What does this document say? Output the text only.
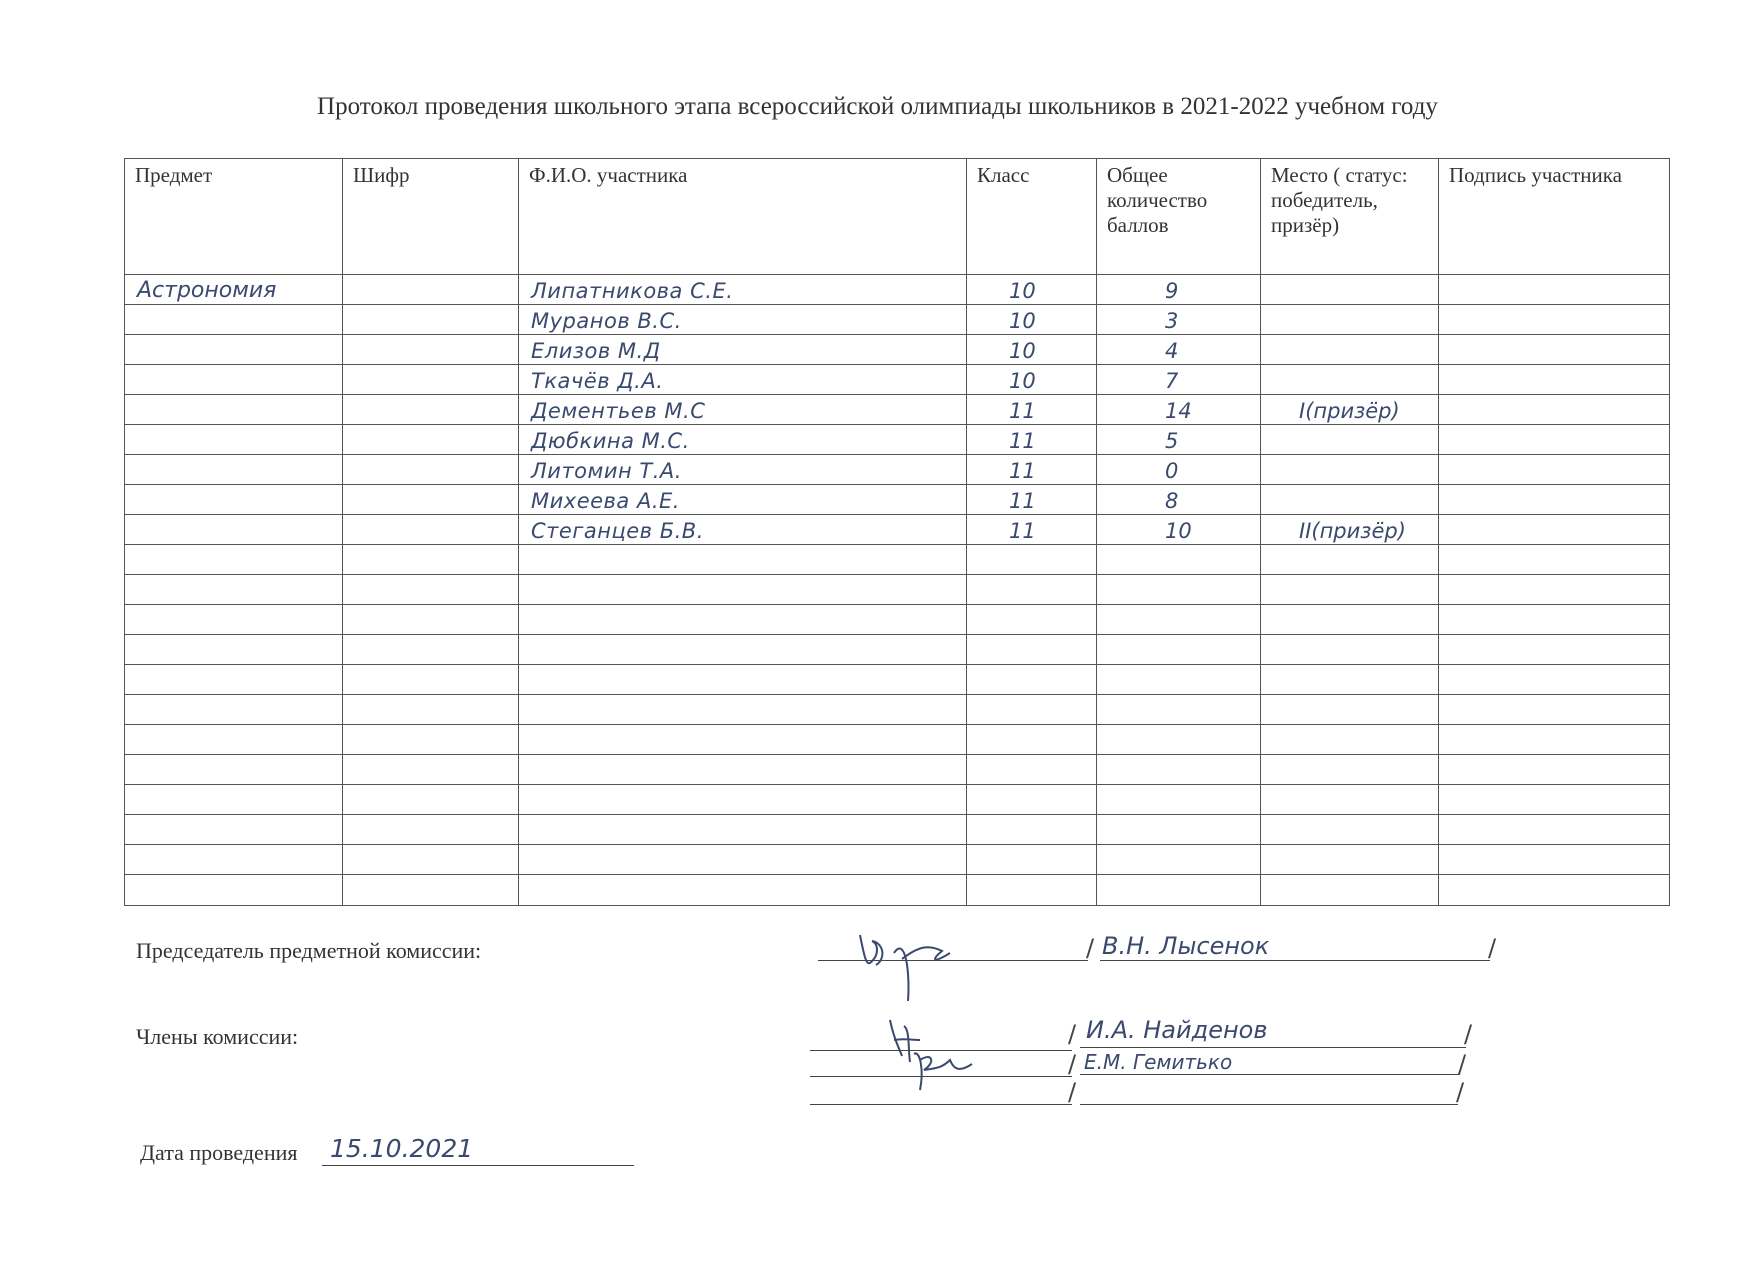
Протокол проведения школьного этапа всероссийской олимпиады школьников в 2021-2022 учебном году
Предмет	Шифр	Ф.И.О. участника	Класс	Общее количество баллов	Место ( статус: победитель, призёр)	Подпись участника
Астрономия		Липатникова С.Е.	10	9		
		Муранов В.С.	10	3		
		Елизов М.Д	10	4		
		Ткачёв Д.А.	10	7		
		Дементьев М.С	11	14	I(призёр)	
		Дюбкина М.С.	11	5		
		Литомин Т.А.	11	0		
		Михеева А.Е.	11	8		
		Стеганцев Б.В.	11	10	II(призёр)	

Председатель предметной комиссии:	/ В.Н. Лысенок	/
Члены комиссии:	/ И.А. Найденов	/
/ Е.М. Гемитько	/
/	/
Дата проведения 15.10.2021
